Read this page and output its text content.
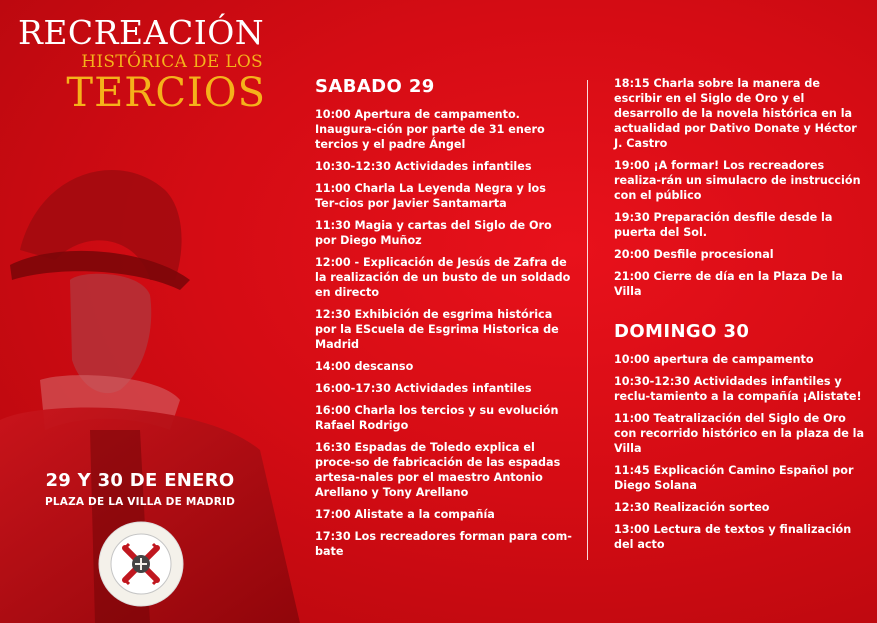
RECREACIÓN
HISTÓRICA DE LOS
TERCIOS
29 Y 30 DE ENERO
PLAZA DE LA VILLA DE MADRID
SABADO 29
10:00 Apertura de campamento. Inaugura-ción por parte de 31 enero tercios y el padre Ángel
10:30-12:30 Actividades infantiles
11:00 Charla La Leyenda Negra y los Ter-cios por Javier Santamarta
11:30 Magia y cartas del Siglo de Oro por Diego Muñoz
12:00 - Explicación de Jesús de Zafra de la realización de un busto de un soldado en directo
12:30 Exhibición de esgrima histórica por la EScuela de Esgrima Historica de Madrid
14:00 descanso
16:00-17:30 Actividades infantiles
16:00 Charla los tercios y su evolución Rafael Rodrigo
16:30 Espadas de Toledo explica el proce-so de fabricación de las espadas artesa-nales por el maestro Antonio Arellano y Tony Arellano
17:00 Alistate a la compañía
17:30 Los recreadores forman para com-bate
18:15 Charla sobre la manera de escribir en el Siglo de Oro y el desarrollo de la novela histórica en la actualidad por Dativo Donate y Héctor J. Castro
19:00 ¡A formar! Los recreadores realiza-rán un simulacro de instrucción con el público
19:30 Preparación desfile desde la puerta del Sol.
20:00 Desfile procesional
21:00 Cierre de día en la Plaza De la Villa
DOMINGO 30
10:00 apertura de campamento
10:30-12:30 Actividades infantiles y reclu-tamiento a la compañía ¡Alistate!
11:00 Teatralización del Siglo de Oro con recorrido histórico en la plaza de la Villa
11:45 Explicación Camino Español por Diego Solana
12:30 Realización sorteo
13:00 Lectura de textos y finalización del acto
